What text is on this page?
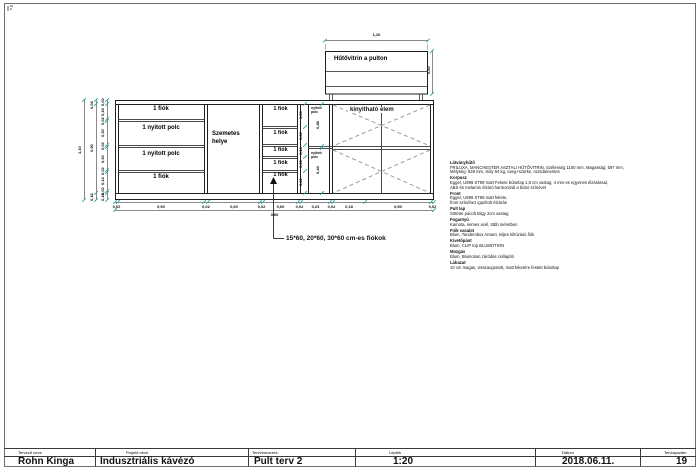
1,10
Hűtővitrin a pulton
0,60
1 fiók
1 nyitott polc
1 nyitott polc
1 fiók
Szemetes
helye
1 fiók
1 fiók
1 fiók
1 fiók
1 fiók
0,30
0,30
0,16
0,15
0,22
nyitott
polc
0,48
nyitott
polc
0,44
kinyitható elem
1,10
0,04
0,90
0,16
0,02
0,15
0,02
0,30
0,02
0,30
0,02
0,14
0,02
0,16
0,02	0,90	0,02	0,60	0,02	0,60	0,02	0,23	0,02	0,18	0,50	0,02
3,60
15*60, 20*60, 30*60 cm-es fiókok
Látványhűtő
FRILUXA, MANCHESTER ASZTALI HŰTŐVITRIN, Szélesség 1100 mm, Magasság: 597 mm,
Mélység: 628 mm, Súly 94 kg, üveg+szürke, rozsdamentes
Korpusz
Egger, U999 ST89 matt Fekete bútorlap 1,8 cm vastag, 4 mm-es egyenes élzárással,
ABS és melamin élzáró harmonizál a bútor színével
Front
Egger, U999 ST89 matt fekete,
front színéhez igazított élzárás
Pult lap
Sötétre pácolt tölgy 2cm vastag
Fogantyú
Kamota, nemes acél, több méretben
Fiók vasalat
Blum, Tandembox Antaro, teljes kihúzású fiók
Kivetőpánt
Blum, CLIP top BLUMOTION
Mozgás
Blum, Blumotion záródás csillapító
Lábazat
10 cm magas, visszaugratott, matt feketére festett bútorlap
Tervező neve	Projekt neve	Tervelnevezés	Lépték	Dátum	Tervlapszám
Rohn Kinga	Indusztriális kávézó	Pult terv 2	1:20	2018.06.11.	19
